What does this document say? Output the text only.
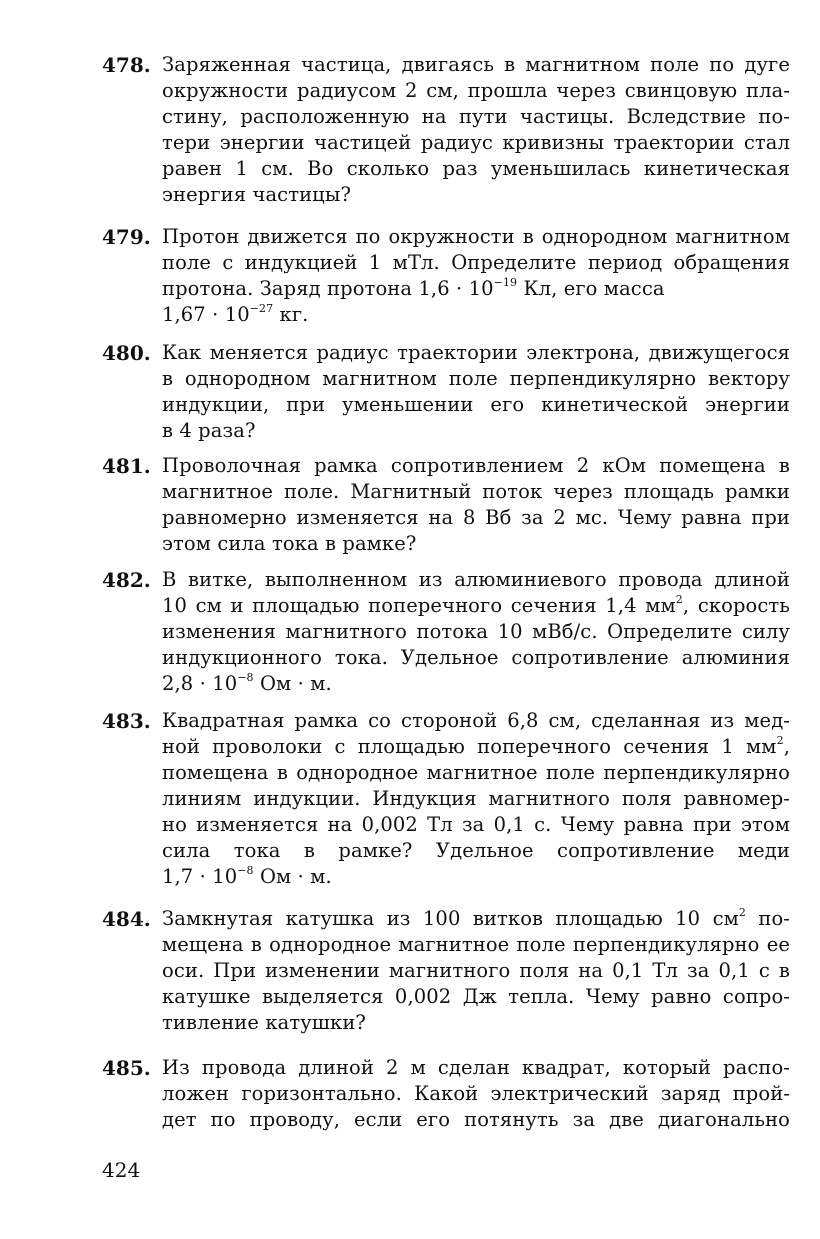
478. Заряженная частица, двигаясь в магнитном поле по дуге
окружности радиусом 2 см, прошла через свинцовую пла-
стину, расположенную на пути частицы. Вследствие по-
тери энергии частицей радиус кривизны траектории стал
равен 1 см. Во сколько раз уменьшилась кинетическая
энергия частицы?
479. Протон движется по окружности в однородном магнитном
поле с индукцией 1 мТл. Определите период обращения
протона. Заряд протона $1,6 \cdot 10^{-19}$ Кл, его масса
$1,67 \cdot 10^{-27}$ кг.
480. Как меняется радиус траектории электрона, движущегося
в однородном магнитном поле перпендикулярно вектору
индукции, при уменьшении его кинетической энергии
в 4 раза?
481. Проволочная рамка сопротивлением 2 кОм помещена в
магнитное поле. Магнитный поток через площадь рамки
равномерно изменяется на 8 Вб за 2 мс. Чему равна при
этом сила тока в рамке?
482. В витке, выполненном из алюминиевого провода длиной
10 см и площадью поперечного сечения 1,4 $мм^2$, скорость
изменения магнитного потока 10 мВб/с. Определите силу
индукционного тока. Удельное сопротивление алюминия
$2,8 \cdot 10^{-8}$ Ом · м.
483. Квадратная рамка со стороной 6,8 см, сделанная из мед-
ной проволоки с площадью поперечного сечения 1 $мм^2$,
помещена в однородное магнитное поле перпендикулярно
линиям индукции. Индукция магнитного поля равномер-
но изменяется на 0,002 Тл за 0,1 с. Чему равна при этом
сила тока в рамке? Удельное сопротивление меди
$1,7 \cdot 10^{-8}$ Ом · м.
484. Замкнутая катушка из 100 витков площадью 10 $см^2$ по-
мещена в однородное магнитное поле перпендикулярно ее
оси. При изменении магнитного поля на 0,1 Тл за 0,1 с в
катушке выделяется 0,002 Дж тепла. Чему равно сопро-
тивление катушки?
485. Из провода длиной 2 м сделан квадрат, который распо-
ложен горизонтально. Какой электрический заряд прой-
дет по проводу, если его потянуть за две диагонально
424
